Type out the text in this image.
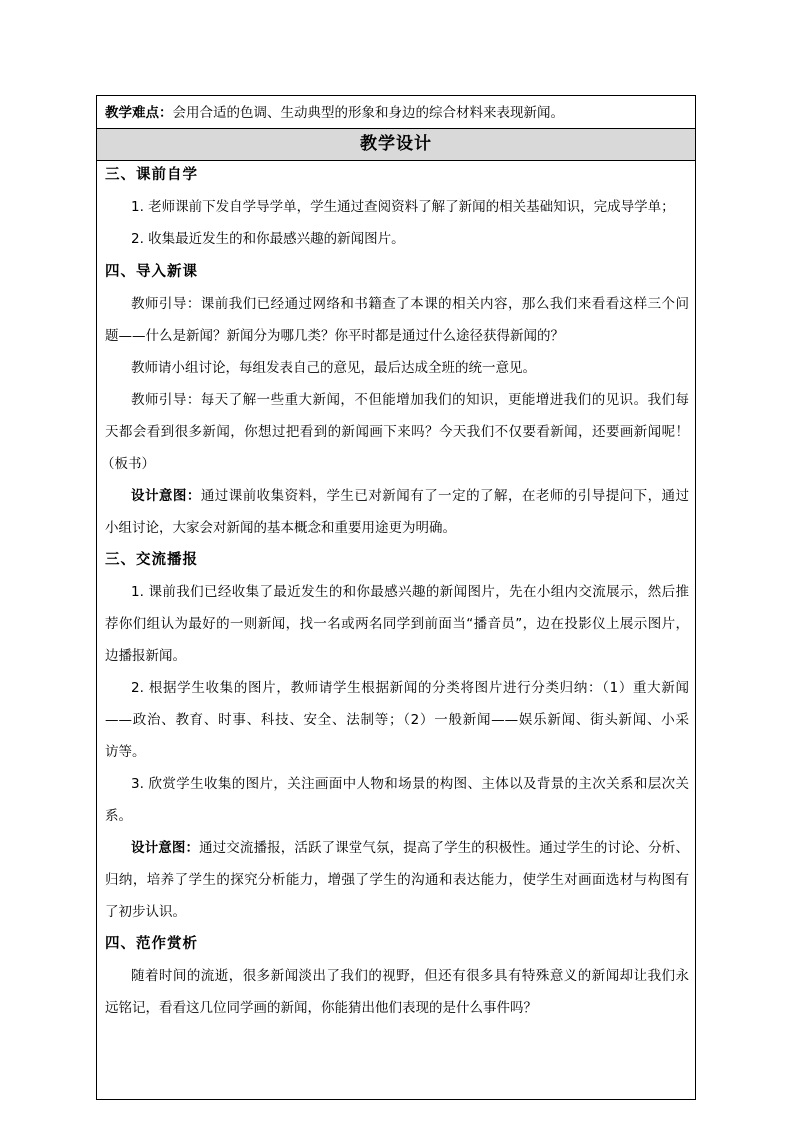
教学难点：会用合适的色调、生动典型的形象和身边的综合材料来表现新闻。
教学设计
三、课前自学
1. 老师课前下发自学导学单，学生通过查阅资料了解了新闻的相关基础知识，完成导学单；
2. 收集最近发生的和你最感兴趣的新闻图片。
四、导入新课
教师引导：课前我们已经通过网络和书籍查了本课的相关内容，那么我们来看看这样三个问
题——什么是新闻？新闻分为哪几类？你平时都是通过什么途径获得新闻的？
教师请小组讨论，每组发表自己的意见，最后达成全班的统一意见。
教师引导：每天了解一些重大新闻，不但能增加我们的知识，更能增进我们的见识。我们每
天都会看到很多新闻，你想过把看到的新闻画下来吗？今天我们不仅要看新闻，还要画新闻呢！
（板书）
设计意图：通过课前收集资料，学生已对新闻有了一定的了解，在老师的引导提问下，通过
小组讨论，大家会对新闻的基本概念和重要用途更为明确。
三、交流播报
1. 课前我们已经收集了最近发生的和你最感兴趣的新闻图片，先在小组内交流展示，然后推
荐你们组认为最好的一则新闻，找一名或两名同学到前面当“播音员”，边在投影仪上展示图片，
边播报新闻。
2. 根据学生收集的图片，教师请学生根据新闻的分类将图片进行分类归纳：（1）重大新闻
——政治、教育、时事、科技、安全、法制等；（2）一般新闻——娱乐新闻、街头新闻、小采
访等。
3. 欣赏学生收集的图片，关注画面中人物和场景的构图、主体以及背景的主次关系和层次关
系。
设计意图：通过交流播报，活跃了课堂气氛，提高了学生的积极性。通过学生的讨论、分析、
归纳，培养了学生的探究分析能力，增强了学生的沟通和表达能力，使学生对画面选材与构图有
了初步认识。
四、范作赏析
随着时间的流逝，很多新闻淡出了我们的视野，但还有很多具有特殊意义的新闻却让我们永
远铭记，看看这几位同学画的新闻，你能猜出他们表现的是什么事件吗？
